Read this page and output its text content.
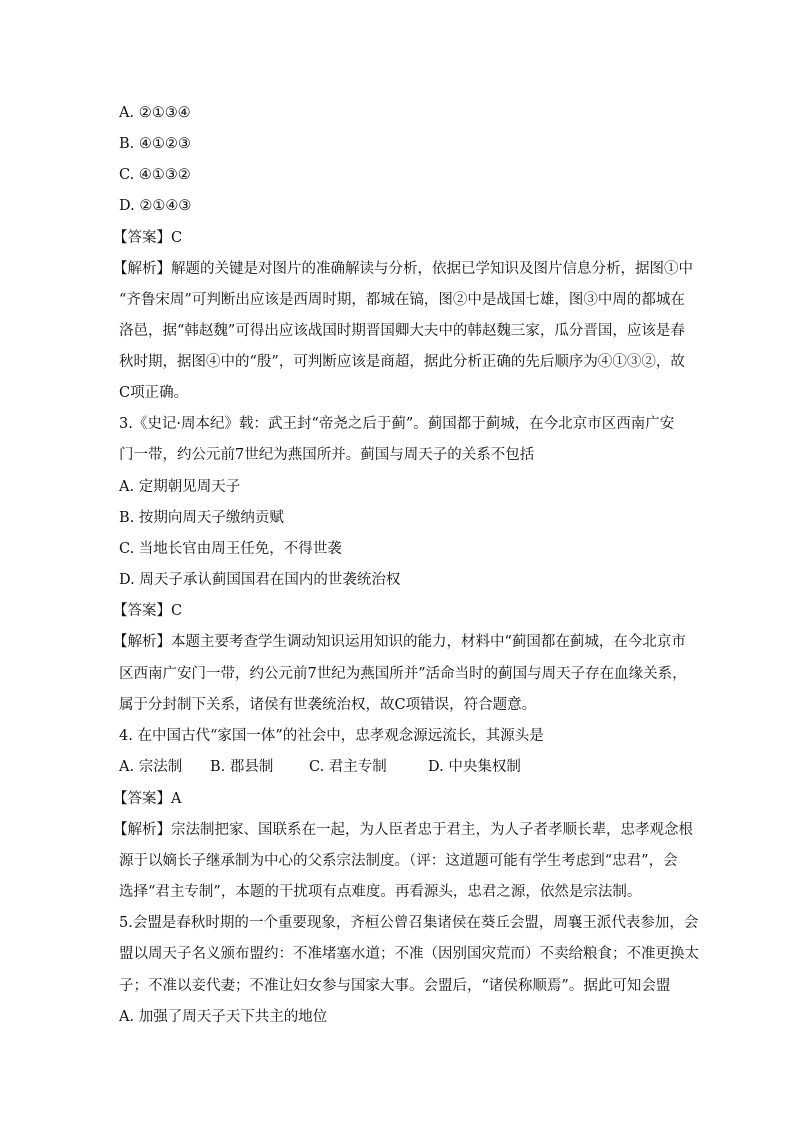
A. ②①③④
B. ④①②③
C. ④①③②
D. ②①④③
【答案】C
【解析】解题的关键是对图片的准确解读与分析，依据已学知识及图片信息分析，据图①中
“齐鲁宋周”可判断出应该是西周时期，都城在镐，图②中是战国七雄，图③中周的都城在
洛邑，据“韩赵魏”可得出应该战国时期晋国卿大夫中的韩赵魏三家，瓜分晋国，应该是春
秋时期，据图④中的“殷”，可判断应该是商超，据此分析正确的先后顺序为④①③②，故
C项正确。
3.《史记·周本纪》载：武王封“帝尧之后于蓟”。蓟国都于蓟城，在今北京市区西南广安
门一带，约公元前7世纪为燕国所并。蓟国与周天子的关系不包括
A. 定期朝见周天子
B. 按期向周天子缴纳贡赋
C. 当地长官由周王任免，不得世袭
D. 周天子承认蓟国国君在国内的世袭统治权
【答案】C
【解析】本题主要考查学生调动知识运用知识的能力，材料中“蓟国都在蓟城，在今北京市
区西南广安门一带，约公元前7世纪为燕国所并”活命当时的蓟国与周天子存在血缘关系，
属于分封制下关系，诸侯有世袭统治权，故C项错误，符合题意。
4. 在中国古代“家国一体”的社会中，忠孝观念源远流长，其源头是
A. 宗法制 B. 郡县制 C. 君主专制	D. 中央集权制
【答案】A
【解析】宗法制把家、国联系在一起，为人臣者忠于君主，为人子者孝顺长辈，忠孝观念根
源于以嫡长子继承制为中心的父系宗法制度。（评：这道题可能有学生考虑到“忠君”，会
选择“君主专制”，本题的干扰项有点难度。再看源头，忠君之源，依然是宗法制。
5.会盟是春秋时期的一个重要现象，齐桓公曾召集诸侯在葵丘会盟，周襄王派代表参加，会
盟以周天子名义颁布盟约：不准堵塞水道；不准（因别国灾荒而）不卖给粮食；不准更换太
子；不准以妾代妻；不准让妇女参与国家大事。会盟后，“诸侯称顺焉”。据此可知会盟
A. 加强了周天子天下共主的地位
